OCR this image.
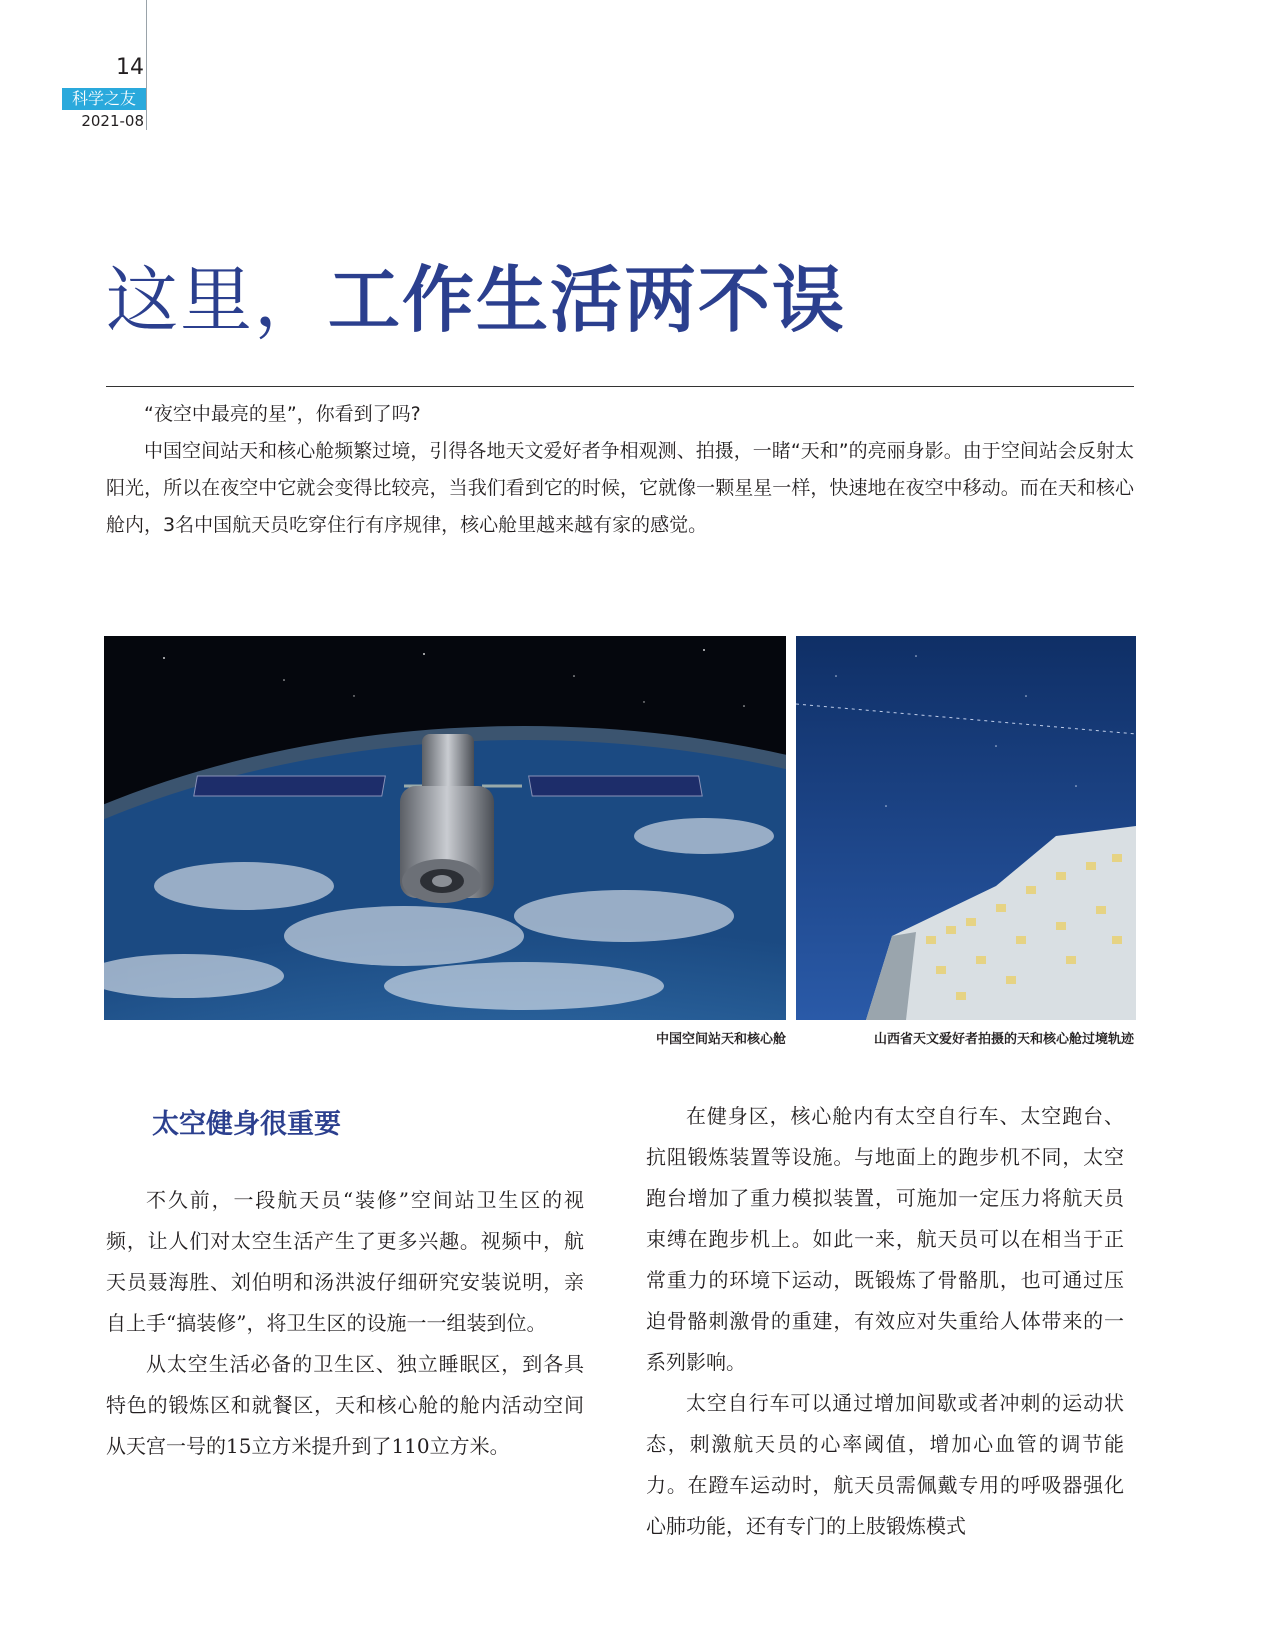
14
科学之友
2021-08
这里，工作生活两不误

“夜空中最亮的星”，你看到了吗?

中国空间站天和核心舱频繁过境，引得各地天文爱好者争相观测、拍摄，一睹“天和”的亮丽身影。由于空间站会反射太阳光，所以在夜空中它就会变得比较亮，当我们看到它的时候，它就像一颗星星一样，快速地在夜空中移动。而在天和核心舱内，3名中国航天员吃穿住行有序规律，核心舱里越来越有家的感觉。

中国空间站天和核心舱	山西省天文爱好者拍摄的天和核心舱过境轨迹
太空健身很重要

不久前，一段航天员“装修”空间站卫生区的视频，让人们对太空生活产生了更多兴趣。视频中，航天员聂海胜、刘伯明和汤洪波仔细研究安装说明，亲自上手“搞装修”，将卫生区的设施一一组装到位。

从太空生活必备的卫生区、独立睡眠区，到各具特色的锻炼区和就餐区，天和核心舱的舱内活动空间从天宫一号的15立方米提升到了110立方米。

在健身区，核心舱内有太空自行车、太空跑台、抗阻锻炼装置等设施。与地面上的跑步机不同，太空跑台增加了重力模拟装置，可施加一定压力将航天员束缚在跑步机上。如此一来，航天员可以在相当于正常重力的环境下运动，既锻炼了骨骼肌，也可通过压迫骨骼刺激骨的重建，有效应对失重给人体带来的一系列影响。

太空自行车可以通过增加间歇或者冲刺的运动状态，刺激航天员的心率阈值，增加心血管的调节能力。在蹬车运动时，航天员需佩戴专用的呼吸器强化心肺功能，还有专门的上肢锻炼模式
